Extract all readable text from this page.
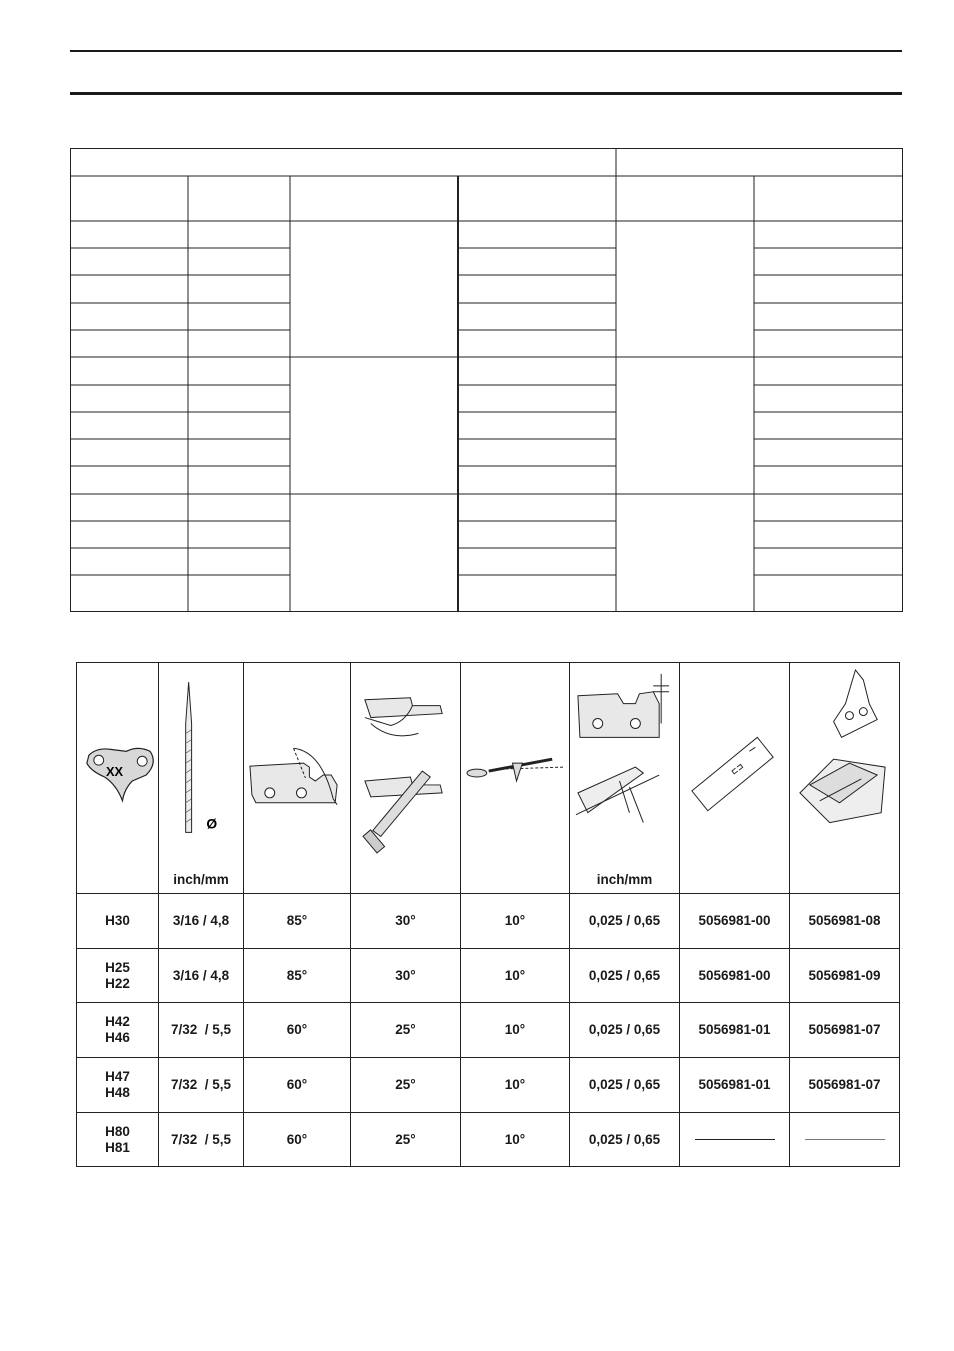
XX	Ø
inch/mm				inch/mm	⊏⊐

H30	3/16 / 4,8	85°	30°	10°	0,025 / 0,65	5056981-00	5056981-08

H25
H22	3/16 / 4,8	85°	30°	10°	0,025 / 0,65	5056981-00	5056981-09

H42
H46	7/32  / 5,5	60°	25°	10°	0,025 / 0,65	5056981-01	5056981-07

H47
H48	7/32  / 5,5	60°	25°	10°	0,025 / 0,65	5056981-01	5056981-07

H80
H81	7/32  / 5,5	60°	25°	10°	0,025 / 0,65		
